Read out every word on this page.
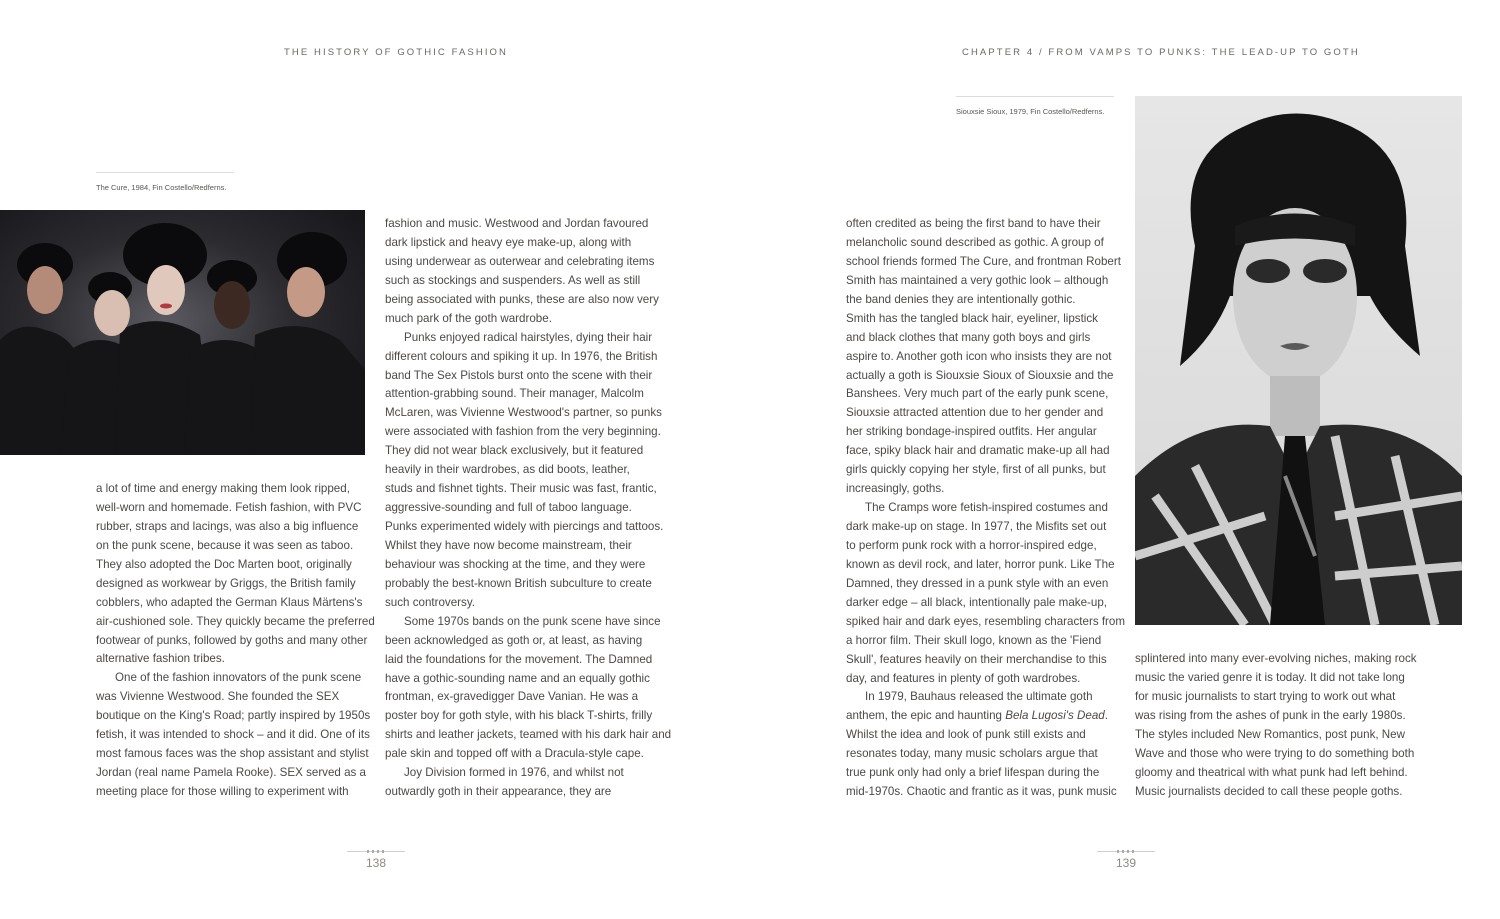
THE HISTORY OF GOTHIC FASHION
The Cure, 1984, Fin Costello/Redferns.
a lot of time and energy making them look ripped,
well-worn and homemade. Fetish fashion, with PVC
rubber, straps and lacings, was also a big influence
on the punk scene, because it was seen as taboo.
They also adopted the Doc Marten boot, originally
designed as workwear by Griggs, the British family
cobblers, who adapted the German Klaus Märtens's
air-cushioned sole. They quickly became the preferred
footwear of punks, followed by goths and many other
alternative fashion tribes.
One of the fashion innovators of the punk scene
was Vivienne Westwood. She founded the SEX
boutique on the King's Road; partly inspired by 1950s
fetish, it was intended to shock – and it did. One of its
most famous faces was the shop assistant and stylist
Jordan (real name Pamela Rooke). SEX served as a
meeting place for those willing to experiment with
fashion and music. Westwood and Jordan favoured
dark lipstick and heavy eye make-up, along with
using underwear as outerwear and celebrating items
such as stockings and suspenders. As well as still
being associated with punks, these are also now very
much park of the goth wardrobe.
Punks enjoyed radical hairstyles, dying their hair
different colours and spiking it up. In 1976, the British
band The Sex Pistols burst onto the scene with their
attention-grabbing sound. Their manager, Malcolm
McLaren, was Vivienne Westwood's partner, so punks
were associated with fashion from the very beginning.
They did not wear black exclusively, but it featured
heavily in their wardrobes, as did boots, leather,
studs and fishnet tights. Their music was fast, frantic,
aggressive-sounding and full of taboo language.
Punks experimented widely with piercings and tattoos.
Whilst they have now become mainstream, their
behaviour was shocking at the time, and they were
probably the best-known British subculture to create
such controversy.
Some 1970s bands on the punk scene have since
been acknowledged as goth or, at least, as having
laid the foundations for the movement. The Damned
have a gothic-sounding name and an equally gothic
frontman, ex-gravedigger Dave Vanian. He was a
poster boy for goth style, with his black T-shirts, frilly
shirts and leather jackets, teamed with his dark hair and
pale skin and topped off with a Dracula-style cape.
Joy Division formed in 1976, and whilst not
outwardly goth in their appearance, they are
138
CHAPTER 4 / FROM VAMPS TO PUNKS: THE LEAD-UP TO GOTH
Siouxsie Sioux, 1979, Fin Costello/Redferns.
often credited as being the first band to have their
melancholic sound described as gothic. A group of
school friends formed The Cure, and frontman Robert
Smith has maintained a very gothic look – although
the band denies they are intentionally gothic.
Smith has the tangled black hair, eyeliner, lipstick
and black clothes that many goth boys and girls
aspire to. Another goth icon who insists they are not
actually a goth is Siouxsie Sioux of Siouxsie and the
Banshees. Very much part of the early punk scene,
Siouxsie attracted attention due to her gender and
her striking bondage-inspired outfits. Her angular
face, spiky black hair and dramatic make-up all had
girls quickly copying her style, first of all punks, but
increasingly, goths.
The Cramps wore fetish-inspired costumes and
dark make-up on stage. In 1977, the Misfits set out
to perform punk rock with a horror-inspired edge,
known as devil rock, and later, horror punk. Like The
Damned, they dressed in a punk style with an even
darker edge – all black, intentionally pale make-up,
spiked hair and dark eyes, resembling characters from
a horror film. Their skull logo, known as the 'Fiend
Skull', features heavily on their merchandise to this
day, and features in plenty of goth wardrobes.
In 1979, Bauhaus released the ultimate goth
anthem, the epic and haunting Bela Lugosi's Dead.
Whilst the idea and look of punk still exists and
resonates today, many music scholars argue that
true punk only had only a brief lifespan during the
mid-1970s. Chaotic and frantic as it was, punk music
splintered into many ever-evolving niches, making rock
music the varied genre it is today. It did not take long
for music journalists to start trying to work out what
was rising from the ashes of punk in the early 1980s.
The styles included New Romantics, post punk, New
Wave and those who were trying to do something both
gloomy and theatrical with what punk had left behind.
Music journalists decided to call these people goths.
139
